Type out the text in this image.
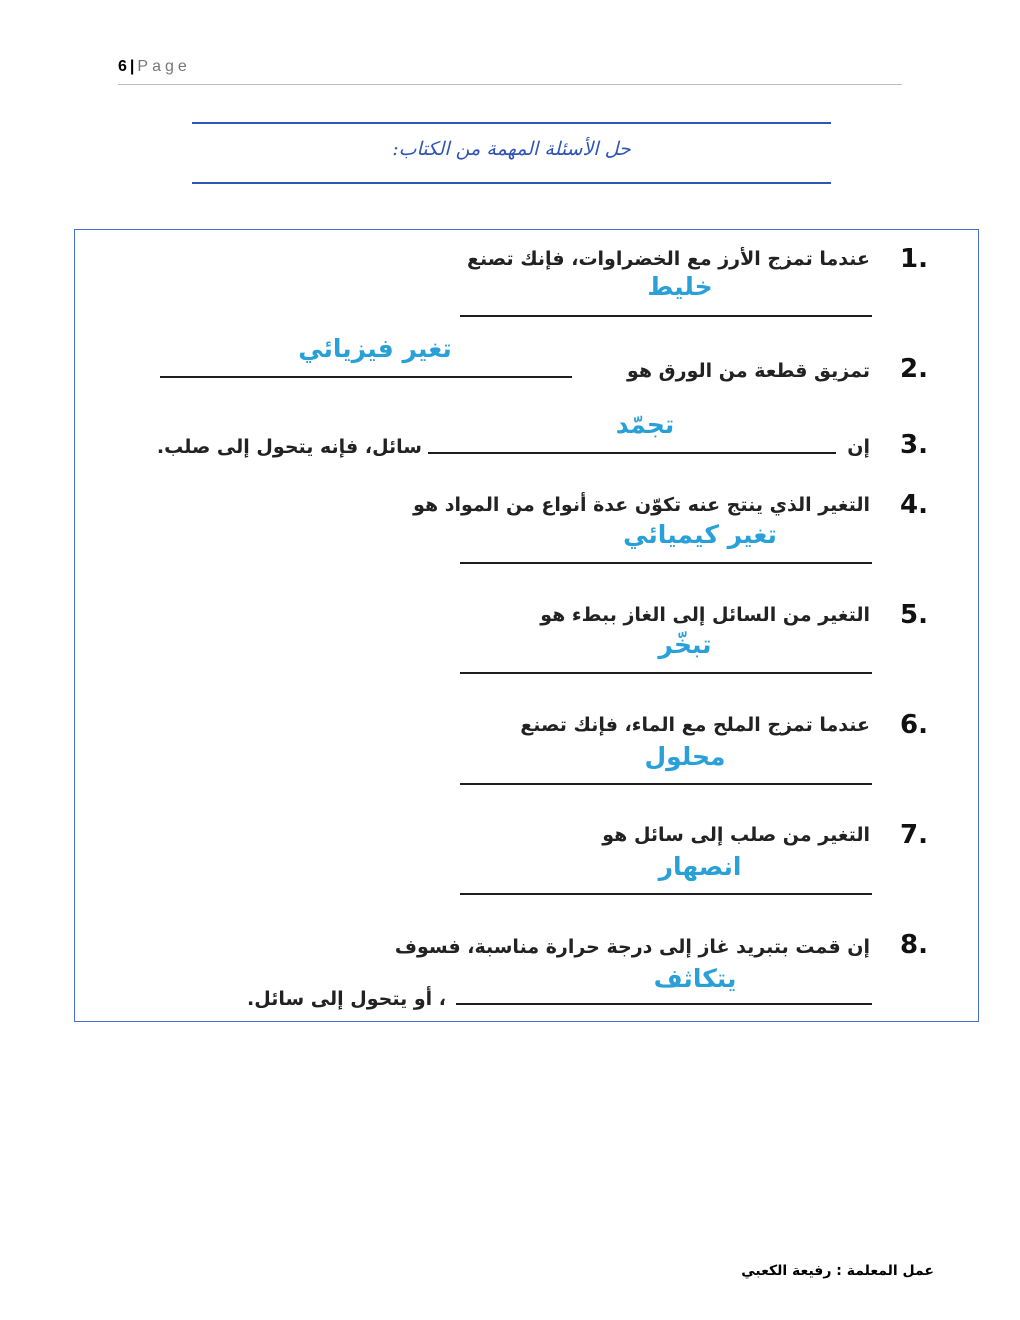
6 | Page
حل الأسئلة المهمة من الكتاب:
1.
عندما تمزج الأرز مع الخضراوات، فإنك تصنع
خليط
2.
تمزيق قطعة من الورق هو
تغير فيزيائي
3.
إن
تجمّد
سائل، فإنه يتحول إلى صلب.
4.
التغير الذي ينتج عنه تكوّن عدة أنواع من المواد هو
تغير كيميائي
5.
التغير من السائل إلى الغاز ببطء هو
تبخّر
6.
عندما تمزج الملح مع الماء، فإنك تصنع
محلول
7.
التغير من صلب إلى سائل هو
انصهار
8.
إن قمت بتبريد غاز إلى درجة حرارة مناسبة، فسوف
يتكاثف
، أو يتحول إلى سائل.
عمل المعلمة : رفيعة الكعبي
